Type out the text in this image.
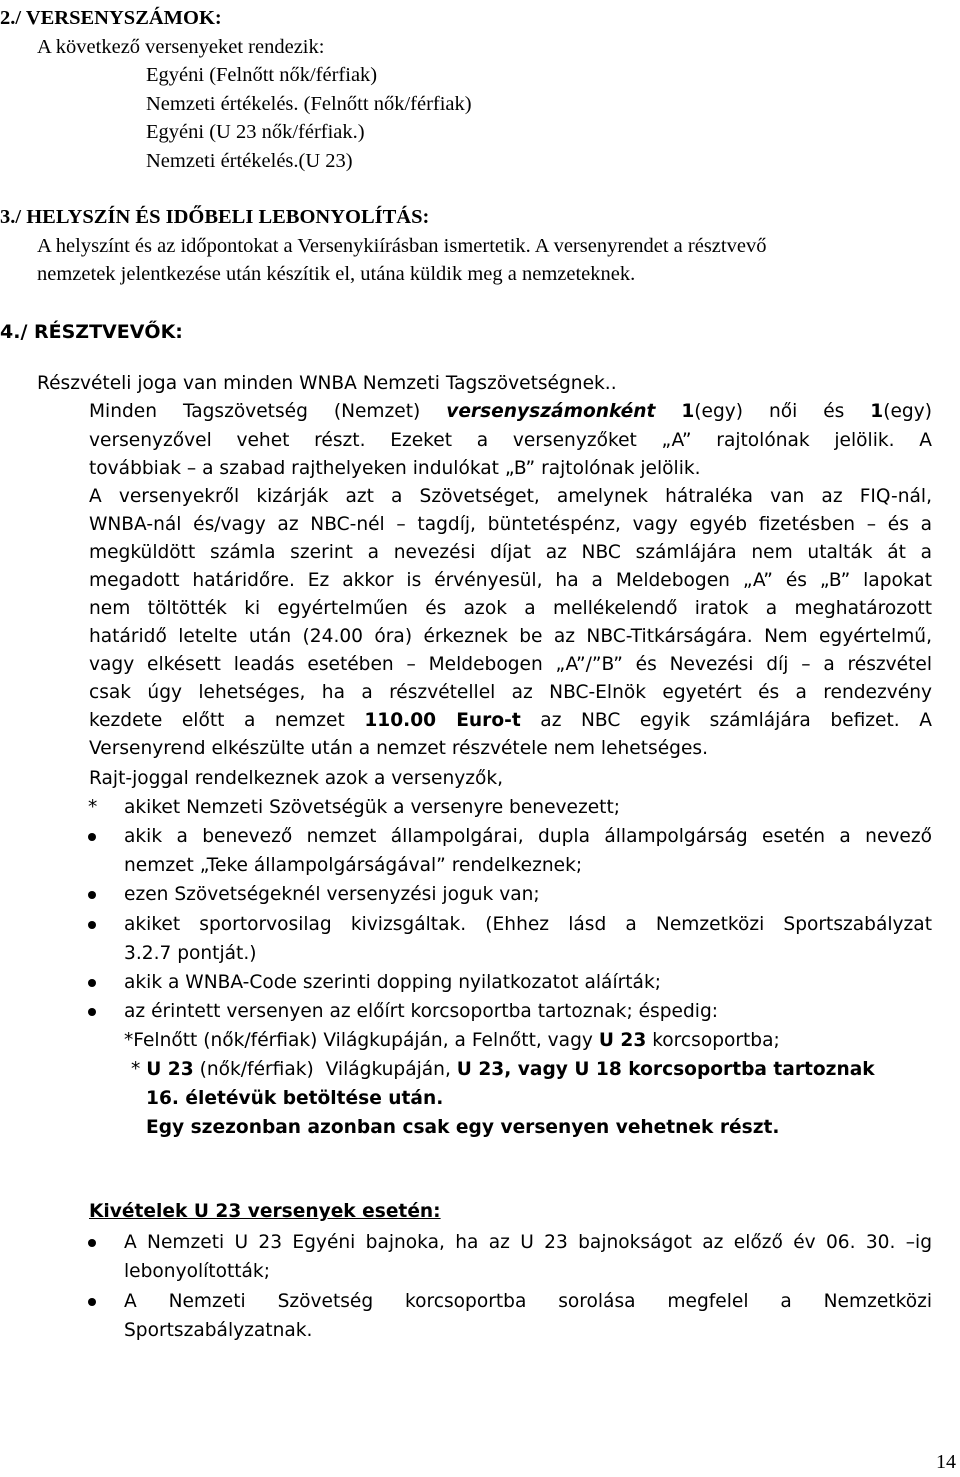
2./ VERSENYSZÁMOK:
A következő versenyeket rendezik:
Egyéni (Felnőtt nők/férfiak)
Nemzeti értékelés. (Felnőtt nők/férfiak)
Egyéni (U 23 nők/férfiak.)
Nemzeti értékelés.(U 23)
3./ HELYSZÍN ÉS IDŐBELI LEBONYOLÍTÁS:
A helyszínt és az időpontokat a Versenykiírásban ismertetik. A versenyrendet a résztvevő
nemzetek jelentkezése után készítik el, utána küldik meg a nemzeteknek.
4./ RÉSZTVEVŐK:
Részvételi joga van minden WNBA Nemzeti Tagszövetségnek..
Minden Tagszövetség (Nemzet) versenyszámonként 1(egy) női és 1(egy)
versenyzővel vehet részt. Ezeket a versenyzőket „A” rajtolónak jelölik. A
továbbiak – a szabad rajthelyeken indulókat „B” rajtolónak jelölik.
A versenyekről kizárják azt a Szövetséget, amelynek hátraléka van az FIQ-nál,
WNBA-nál és/vagy az NBC-nél – tagdíj, büntetéspénz, vagy egyéb fizetésben – és a
megküldött számla szerint a nevezési díjat az NBC számlájára nem utalták át a
megadott határidőre. Ez akkor is érvényesül, ha a Meldebogen „A” és „B” lapokat
nem töltötték ki egyértelműen és azok a mellékelendő iratok a meghatározott
határidő letelte után (24.00 óra) érkeznek be az NBC-Titkárságára. Nem egyértelmű,
vagy elkésett leadás esetében – Meldebogen „A”/”B” és Nevezési díj – a részvétel
csak úgy lehetséges, ha a részvétellel az NBC-Elnök egyetért és a rendezvény
kezdete előtt a nemzet 110.00 Euro-t az NBC egyik számlájára befizet. A
Versenyrend elkészülte után a nemzet részvétele nem lehetséges.
Rajt-joggal rendelkeznek azok a versenyzők,
* akiket Nemzeti Szövetségük a versenyre benevezett;
akik a benevező nemzet állampolgárai, dupla állampolgárság esetén a nevező
nemzet „Teke állampolgárságával” rendelkeznek;
ezen Szövetségeknél versenyzési joguk van;
akiket sportorvosilag kivizsgáltak. (Ehhez lásd a Nemzetközi Sportszabályzat
3.2.7 pontját.)
akik a WNBA-Code szerinti dopping nyilatkozatot aláírták;
az érintett versenyen az előírt korcsoportba tartoznak; éspedig:
*Felnőtt (nők/férfiak) Világkupáján, a Felnőtt, vagy U 23 korcsoportba;
* U 23 (nők/férfiak)  Világkupáján, U 23, vagy U 18 korcsoportba tartoznak
16. életévük betöltése után.
Egy szezonban azonban csak egy versenyen vehetnek részt.
Kivételek U 23 versenyek esetén:
A Nemzeti U 23 Egyéni bajnoka, ha az U 23 bajnokságot az előző év 06. 30. –ig
lebonyolították;
A Nemzeti Szövetség korcsoportba sorolása megfelel a Nemzetközi
Sportszabályzatnak.
14
